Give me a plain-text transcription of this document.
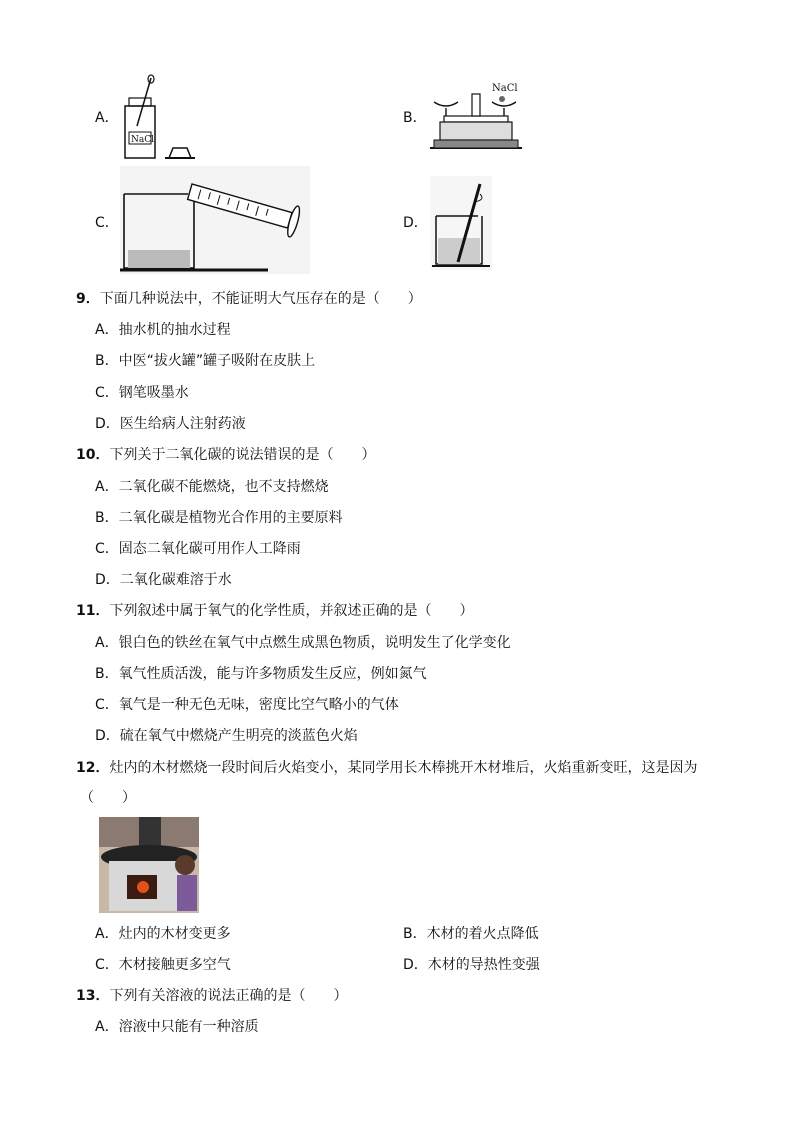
A．
NaCl
B．
NaCl
C．	D．
9．下面几种说法中，不能证明大气压存在的是（　　）
A．抽水机的抽水过程
B．中医“拔火罐”罐子吸附在皮肤上
C．钢笔吸墨水
D．医生给病人注射药液
10．下列关于二氧化碳的说法错误的是（　　）
A．二氧化碳不能燃烧，也不支持燃烧
B．二氧化碳是植物光合作用的主要原料
C．固态二氧化碳可用作人工降雨
D．二氧化碳难溶于水
11．下列叙述中属于氧气的化学性质，并叙述正确的是（　　）
A．银白色的铁丝在氧气中点燃生成黑色物质，说明发生了化学变化
B．氧气性质活泼，能与许多物质发生反应，例如氮气
C．氧气是一种无色无味，密度比空气略小的气体
D．硫在氧气中燃烧产生明亮的淡蓝色火焰
12．灶内的木材燃烧一段时间后火焰变小，某同学用长木棒挑开木材堆后，火焰重新变旺，这是因为
（　　）
A．灶内的木材变更多	B．木材的着火点降低
C．木材接触更多空气	D．木材的导热性变强
13．下列有关溶液的说法正确的是（　　）
A．溶液中只能有一种溶质
